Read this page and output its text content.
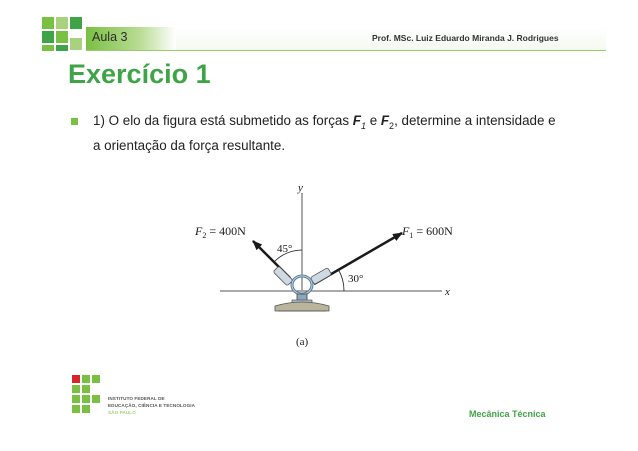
Aula 3	Prof. MSc. Luiz Eduardo Miranda J. Rodrigues
Exercício 1
1) O elo da figura está submetido as forças $F_1$ e $F_2$, determine a intensidade e a orientação da força resultante.
y
x
$F_2 = 400N$	$F_1 = 600N$
45°
30°
(a)
INSTITUTO FEDERAL DE
EDUCAÇÃO, CIÊNCIA E TECNOLOGIA
SÃO PAULO	Mecânica Técnica
